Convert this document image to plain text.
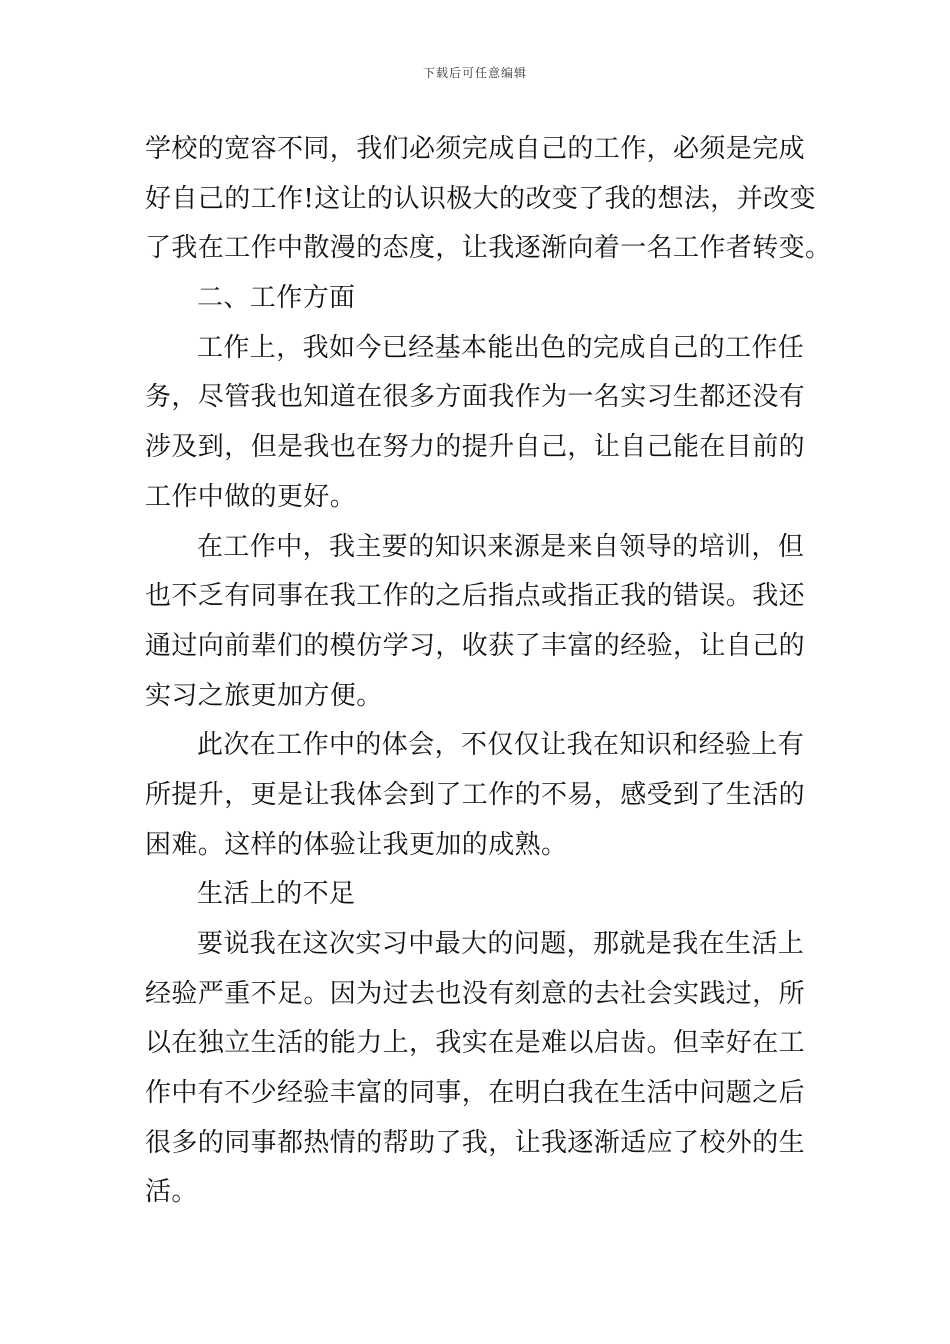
下载后可任意编辑
学校的宽容不同，我们必须完成自己的工作，必须是完成
好自己的工作!这让的认识极大的改变了我的想法，并改变
了我在工作中散漫的态度，让我逐渐向着一名工作者转变。
二、工作方面
工作上，我如今已经基本能出色的完成自己的工作任
务，尽管我也知道在很多方面我作为一名实习生都还没有
涉及到，但是我也在努力的提升自己，让自己能在目前的
工作中做的更好。
在工作中，我主要的知识来源是来自领导的培训，但
也不乏有同事在我工作的之后指点或指正我的错误。我还
通过向前辈们的模仿学习，收获了丰富的经验，让自己的
实习之旅更加方便。
此次在工作中的体会，不仅仅让我在知识和经验上有
所提升，更是让我体会到了工作的不易，感受到了生活的
困难。这样的体验让我更加的成熟。
生活上的不足
要说我在这次实习中最大的问题，那就是我在生活上
经验严重不足。因为过去也没有刻意的去社会实践过，所
以在独立生活的能力上，我实在是难以启齿。但幸好在工
作中有不少经验丰富的同事，在明白我在生活中问题之后
很多的同事都热情的帮助了我，让我逐渐适应了校外的生
活。
